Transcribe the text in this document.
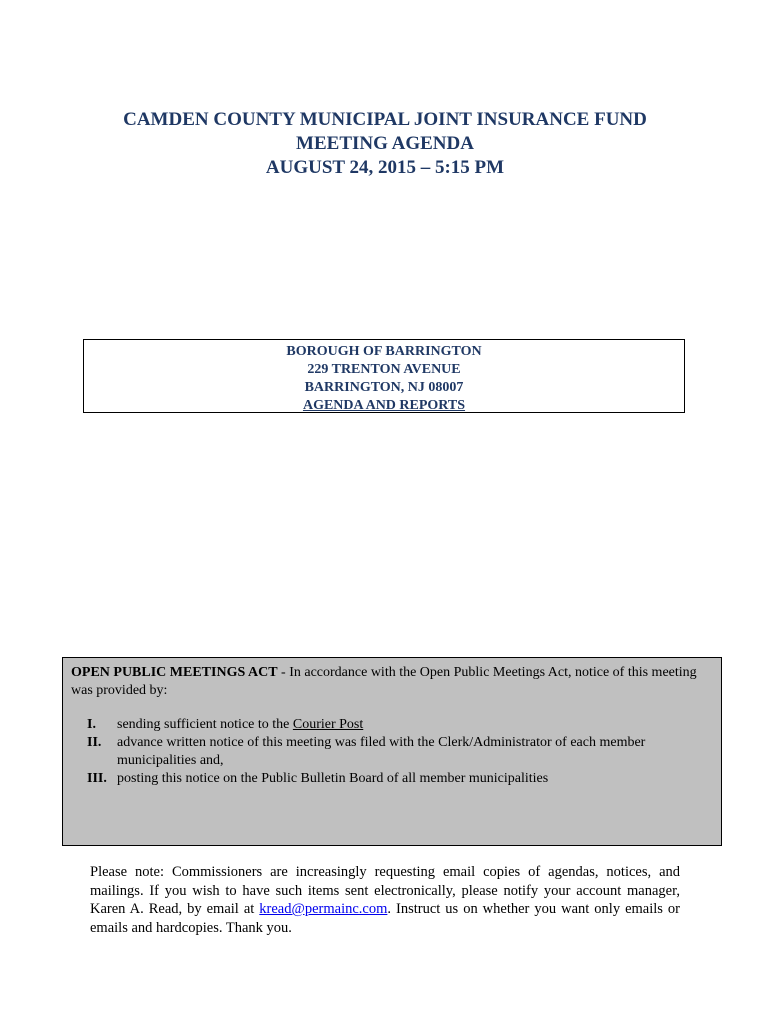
CAMDEN COUNTY MUNICIPAL JOINT INSURANCE FUND
MEETING AGENDA
AUGUST 24, 2015 – 5:15 PM
BOROUGH OF BARRINGTON
229 TRENTON AVENUE
BARRINGTON, NJ 08007
AGENDA AND REPORTS

OPEN PUBLIC MEETINGS ACT - In accordance with the Open Public Meetings Act, notice of this meeting was provided by:

I.	sending sufficient notice to the Courier Post
II.	advance written notice of this meeting was filed with the Clerk/Administrator of each member municipalities and,
III. posting this notice on the Public Bulletin Board of all member municipalities
Please note: Commissioners are increasingly requesting email copies of agendas, notices, and mailings. If you wish to have such items sent electronically, please notify your account manager, Karen A. Read, by email at kread@permainc.com. Instruct us on whether you want only emails or emails and hardcopies. Thank you.
